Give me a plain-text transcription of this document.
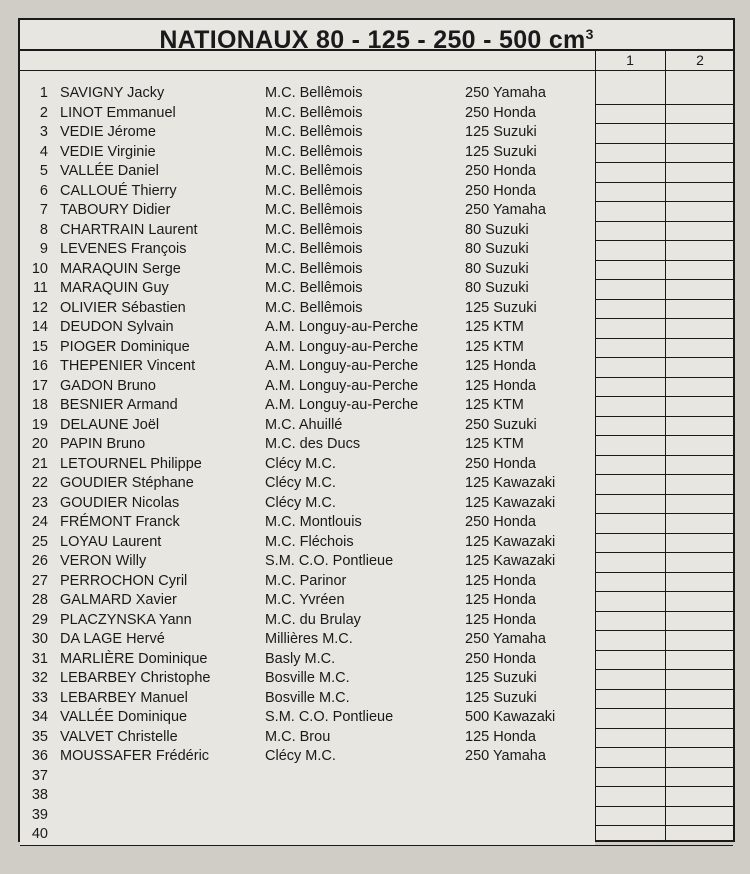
NATIONAUX 80 - 125 - 250 - 500 $cm^3$
1	2
1 SAVIGNY Jacky	M.C. Bellêmois	250 Yamaha
2 LINOT Emmanuel	M.C. Bellêmois	250 Honda
3 VEDIE Jérome	M.C. Bellêmois	125 Suzuki
4 VEDIE Virginie	M.C. Bellêmois	125 Suzuki
5 VALLÉE Daniel	M.C. Bellêmois	250 Honda
6 CALLOUÉ Thierry	M.C. Bellêmois	250 Honda
7 TABOURY Didier	M.C. Bellêmois	250 Yamaha
8 CHARTRAIN Laurent	M.C. Bellêmois	80 Suzuki
9 LEVENES François	M.C. Bellêmois	80 Suzuki
10 MARAQUIN Serge	M.C. Bellêmois	80 Suzuki
11 MARAQUIN Guy	M.C. Bellêmois	80 Suzuki
12 OLIVIER Sébastien	M.C. Bellêmois	125 Suzuki
14 DEUDON Sylvain	A.M. Longuy-au-Perche	125 KTM
15 PIOGER Dominique	A.M. Longuy-au-Perche	125 KTM
16 THEPENIER Vincent	A.M. Longuy-au-Perche	125 Honda
17 GADON Bruno	A.M. Longuy-au-Perche	125 Honda
18 BESNIER Armand	A.M. Longuy-au-Perche	125 KTM
19 DELAUNE Joël	M.C. Ahuillé	250 Suzuki
20 PAPIN Bruno	M.C. des Ducs	125 KTM
21 LETOURNEL Philippe	Clécy M.C.	250 Honda
22 GOUDIER Stéphane	Clécy M.C.	125 Kawazaki
23 GOUDIER Nicolas	Clécy M.C.	125 Kawazaki
24 FRÉMONT Franck	M.C. Montlouis	250 Honda
25 LOYAU Laurent	M.C. Fléchois	125 Kawazaki
26 VERON Willy	S.M. C.O. Pontlieue	125 Kawazaki
27 PERROCHON Cyril	M.C. Parinor	125 Honda
28 GALMARD Xavier	M.C. Yvréen	125 Honda
29 PLACZYNSKA Yann	M.C. du Brulay	125 Honda
30 DA LAGE Hervé	Millières M.C.	250 Yamaha
31 MARLIÈRE Dominique	Basly M.C.	250 Honda
32 LEBARBEY Christophe	Bosville M.C.	125 Suzuki
33 LEBARBEY Manuel	Bosville M.C.	125 Suzuki
34 VALLÉE Dominique	S.M. C.O. Pontlieue	500 Kawazaki
35 VALVET Christelle	M.C. Brou	125 Honda
36 MOUSSAFER Frédéric	Clécy M.C.	250 Yamaha
37
38
39
40
